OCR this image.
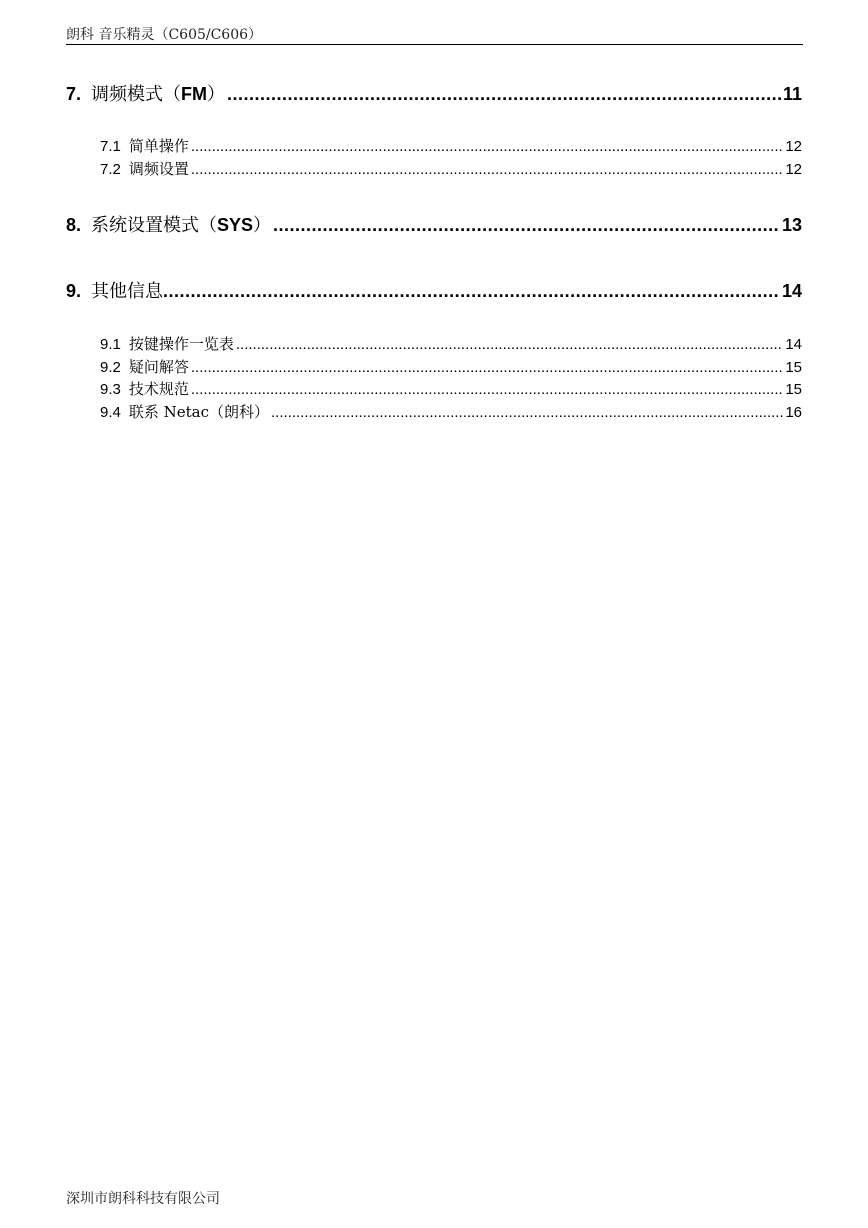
朗科 音乐精灵（C605/C606）
7. 调频模式（FM） .....	11
7.1 简单操作 .....	12
7.2 调频设置 .....	12
8. 系统设置模式（SYS） .....	13
9. 其他信息 .....	14
9.1 按键操作一览表 .....	14
9.2 疑问解答 .....	15
9.3 技术规范 .....	15
9.4 联系 Netac（朗科） .....	16
深圳市朗科科技有限公司
